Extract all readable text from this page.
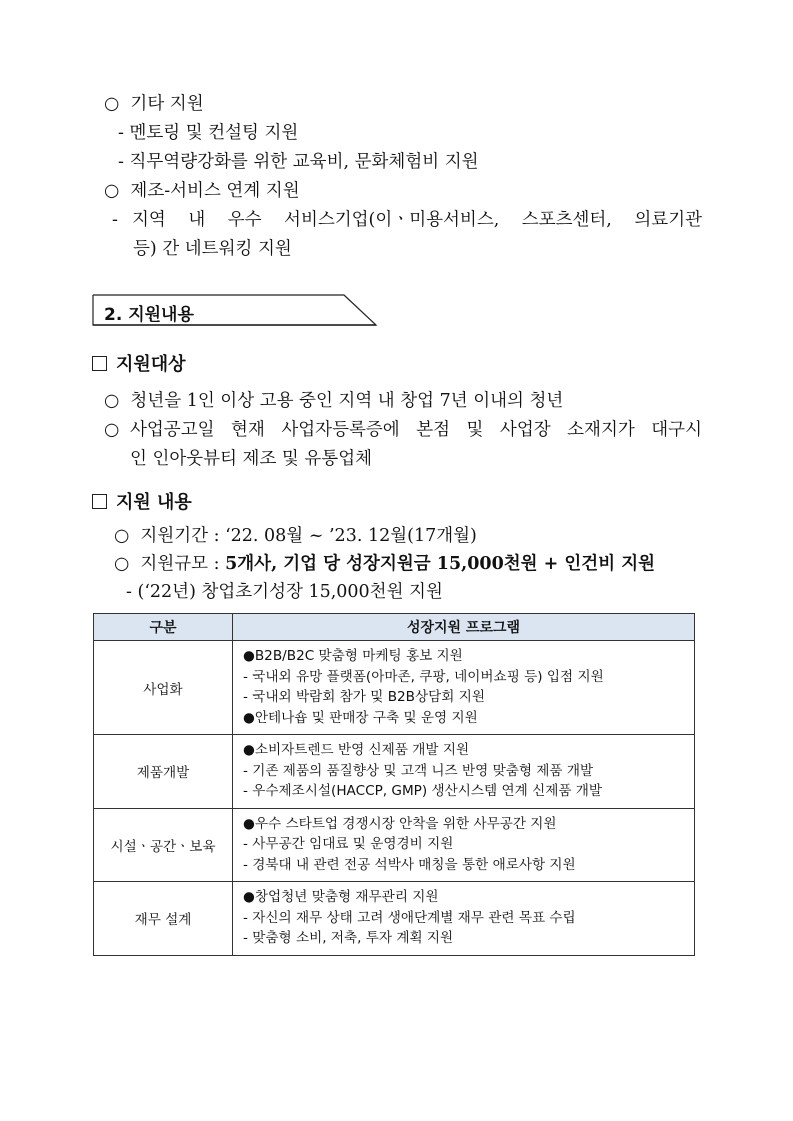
○ 기타 지원
- 멘토링 및 컨설팅 지원
- 직무역량강화를 위한 교육비, 문화체험비 지원
○ 제조-서비스 연계 지원
- 지역 내 우수 서비스기업(이ㆍ미용서비스, 스포츠센터, 의료기관
등) 간 네트워킹 지원
2. 지원내용
지원대상
○ 청년을 1인 이상 고용 중인 지역 내 창업 7년 이내의 청년
○ 사업공고일 현재 사업자등록증에 본점 및 사업장 소재지가 대구시
인 인아웃뷰티 제조 및 유통업체
지원 내용
○ 지원기간 : ‘22. 08월 ~ ’23. 12월(17개월)
○ 지원규모 : 5개사, 기업 당 성장지원금 15,000천원 + 인건비 지원
- (‘22년) 창업초기성장 15,000천원 지원
구분	성장지원 프로그램
사업화	●B2B/B2C 맞춤형 마케팅 홍보 지원
- 국내외 유망 플랫폼(아마존, 쿠팡, 네이버쇼핑 등) 입점 지원
- 국내외 박람회 참가 및 B2B상담회 지원
●안테나숍 및 판매장 구축 및 운영 지원

제품개발	●소비자트렌드 반영 신제품 개발 지원
- 기존 제품의 품질향상 및 고객 니즈 반영 맞춤형 제품 개발
- 우수제조시설(HACCP, GMP) 생산시스템 연계 신제품 개발

시설ㆍ공간ㆍ보육	●우수 스타트업 경쟁시장 안착을 위한 사무공간 지원
- 사무공간 임대료 및 운영경비 지원
- 경북대 내 관련 전공 석박사 매칭을 통한 애로사항 지원

재무 설계	●창업청년 맞춤형 재무관리 지원
- 자신의 재무 상태 고려 생애단계별 재무 관련 목표 수립
- 맞춤형 소비, 저축, 투자 계획 지원
